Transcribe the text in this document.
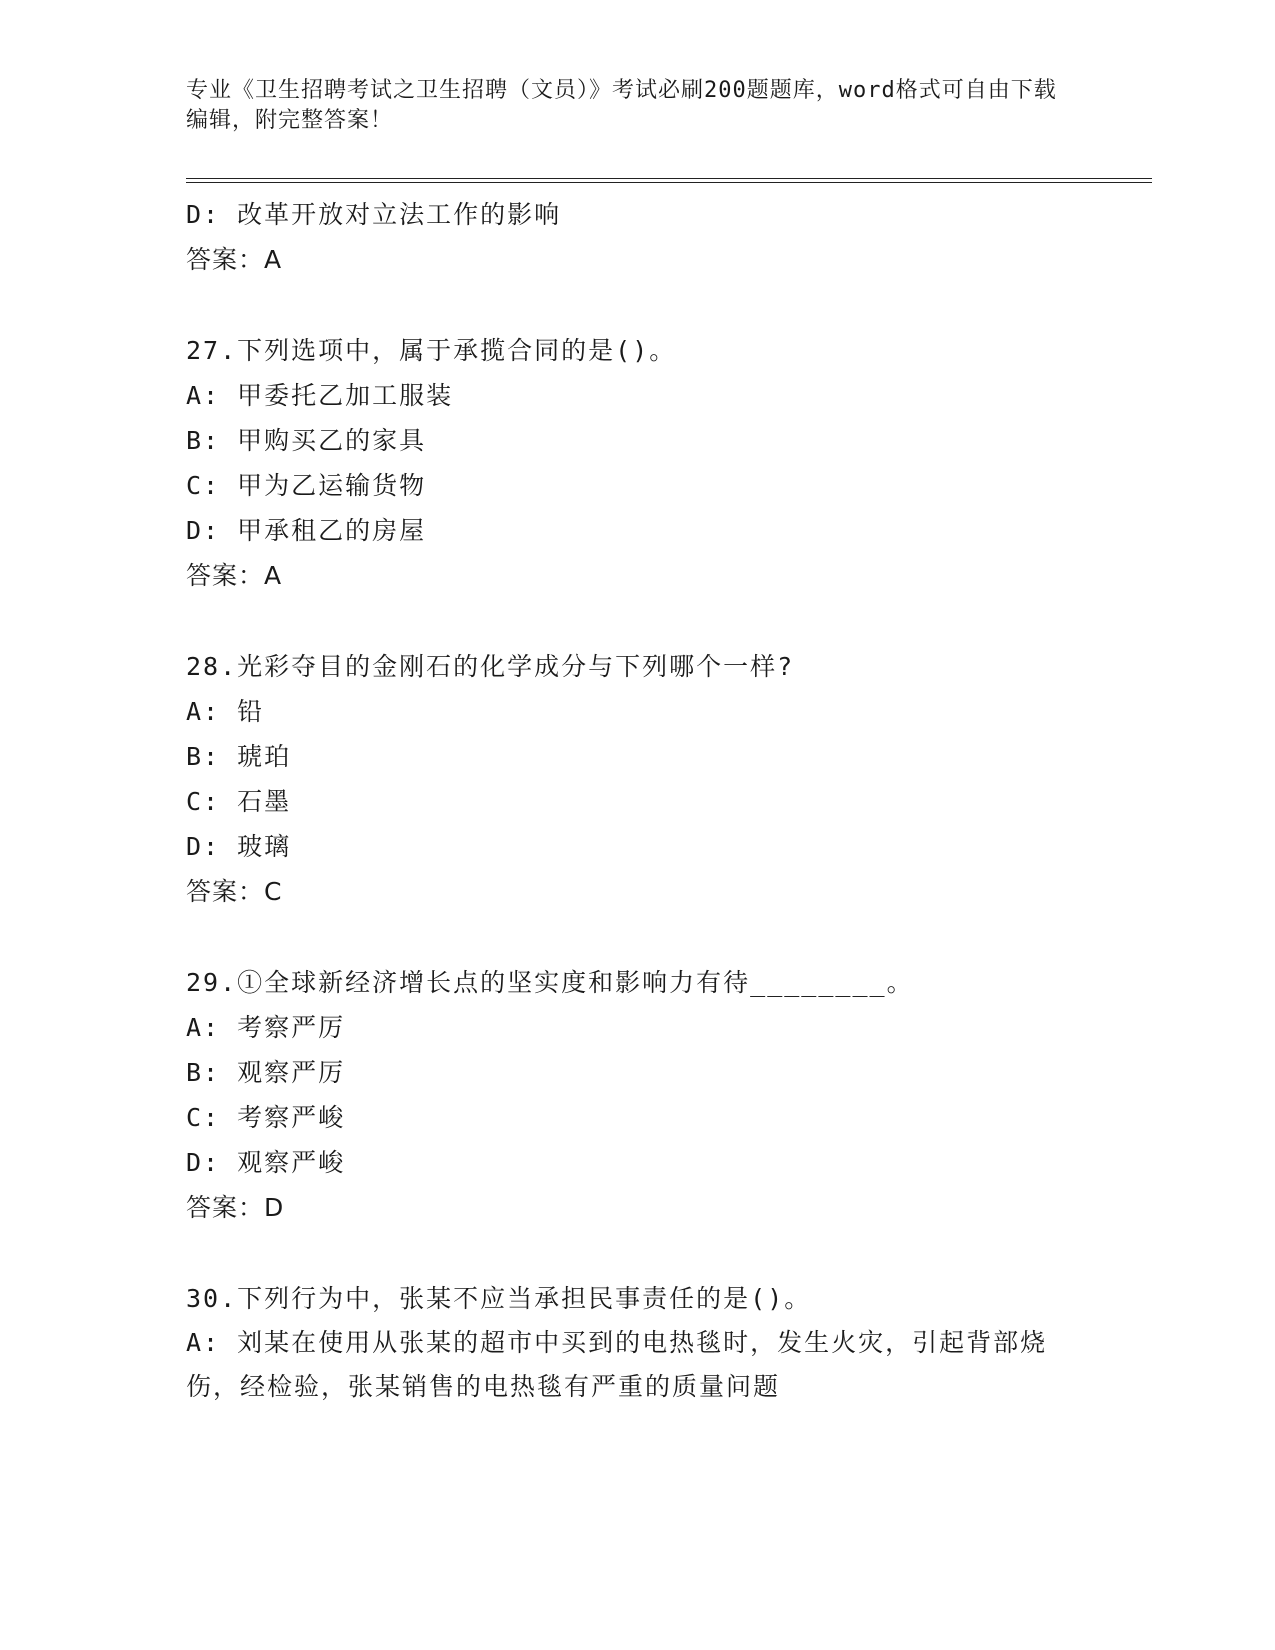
专业《卫生招聘考试之卫生招聘（文员）》考试必刷200题题库，word格式可自由下载编辑，附完整答案！
D: 改革开放对立法工作的影响
答案：A
27.下列选项中，属于承揽合同的是()。
A: 甲委托乙加工服装
B: 甲购买乙的家具
C: 甲为乙运输货物
D: 甲承租乙的房屋
答案：A
28.光彩夺目的金刚石的化学成分与下列哪个一样?
A: 铅
B: 琥珀
C: 石墨
D: 玻璃
答案：C
29.①全球新经济增长点的坚实度和影响力有待________。
A: 考察严厉
B: 观察严厉
C: 考察严峻
D: 观察严峻
答案：D
30.下列行为中，张某不应当承担民事责任的是()。
A: 刘某在使用从张某的超市中买到的电热毯时，发生火灾，引起背部烧伤，经检验，张某销售的电热毯有严重的质量问题
